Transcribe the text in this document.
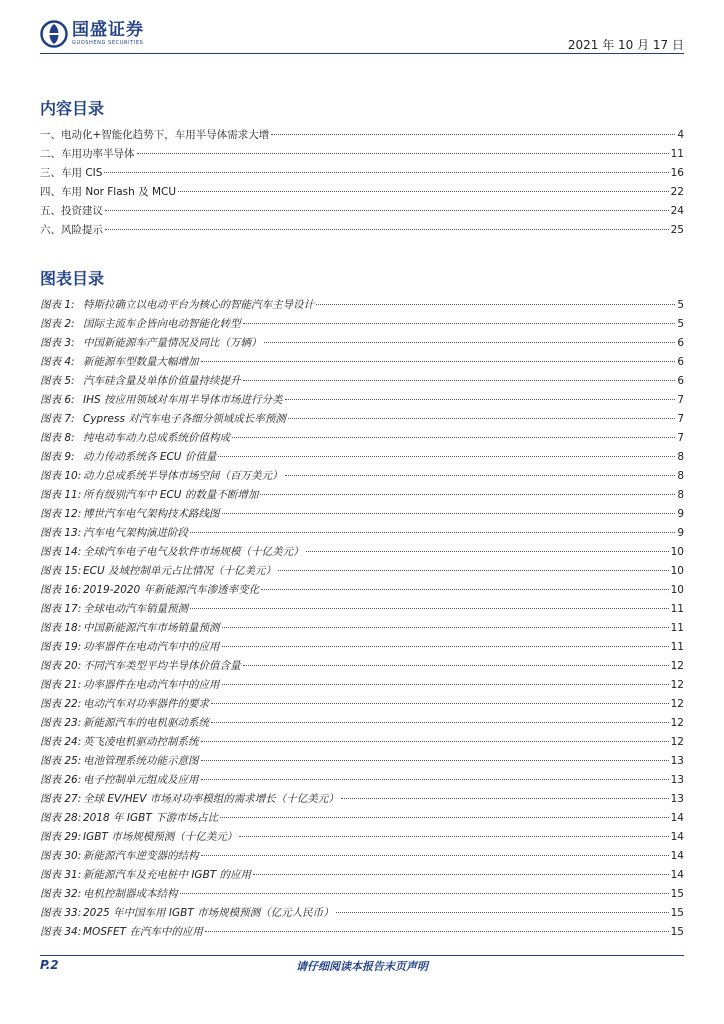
国盛证券
GUOSHENG SECURITIES	2021 年 10 月 17 日
内容目录
一、电动化+智能化趋势下，车用半导体需求大增	4
二、车用功率半导体	11
三、车用 CIS	16
四、车用 Nor Flash 及 MCU	22
五、投资建议	24
六、风险提示	25
图表目录
图表 1: 特斯拉确立以电动平台为核心的智能汽车主导设计	5
图表 2: 国际主流车企皆向电动智能化转型	5
图表 3: 中国新能源车产量情况及同比（万辆）	6
图表 4: 新能源车型数量大幅增加	6
图表 5: 汽车硅含量及单体价值量持续提升	6
图表 6: IHS 按应用领域对车用半导体市场进行分类	7
图表 7: Cypress 对汽车电子各细分领域成长率预测	7
图表 8: 纯电动车动力总成系统价值构成	7
图表 9: 动力传动系统各 ECU 价值量	8
图表 10: 动力总成系统半导体市场空间（百万美元）	8
图表 11: 所有级别汽车中 ECU 的数量不断增加	8
图表 12: 博世汽车电气架构技术路线图	9
图表 13: 汽车电气架构演进阶段	9
图表 14: 全球汽车电子电气及软件市场规模（十亿美元）	10
图表 15: ECU 及域控制单元占比情况（十亿美元）	10
图表 16: 2019-2020 年新能源汽车渗透率变化	10
图表 17: 全球电动汽车销量预测	11
图表 18: 中国新能源汽车市场销量预测	11
图表 19: 功率器件在电动汽车中的应用	11
图表 20: 不同汽车类型平均半导体价值含量	12
图表 21: 功率器件在电动汽车中的应用	12
图表 22: 电动汽车对功率器件的要求	12
图表 23: 新能源汽车的电机驱动系统	12
图表 24: 英飞凌电机驱动控制系统	12
图表 25: 电池管理系统功能示意图	13
图表 26: 电子控制单元组成及应用	13
图表 27: 全球 EV/HEV 市场对功率模组的需求增长（十亿美元）	13
图表 28: 2018 年 IGBT 下游市场占比	14
图表 29: IGBT 市场规模预测（十亿美元）	14
图表 30: 新能源汽车逆变器的结构	14
图表 31: 新能源汽车及充电桩中 IGBT 的应用	14
图表 32: 电机控制器成本结构	15
图表 33: 2025 年中国车用 IGBT 市场规模预测（亿元人民币）	15
图表 34: MOSFET 在汽车中的应用	15
P.2	请仔细阅读本报告末页声明
